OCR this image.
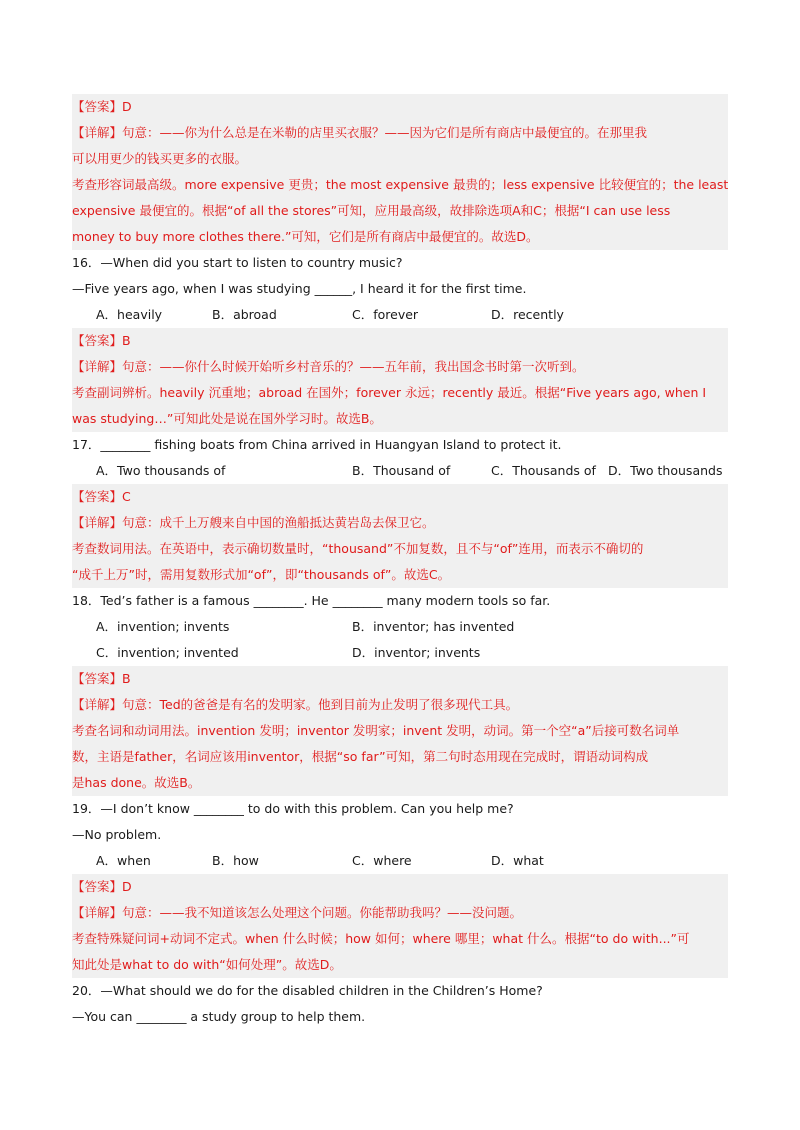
【答案】D
【详解】句意：——你为什么总是在米勒的店里买衣服？——因为它们是所有商店中最便宜的。在那里我
可以用更少的钱买更多的衣服。
考查形容词最高级。more expensive 更贵；the most expensive 最贵的；less expensive 比较便宜的；the least
expensive 最便宜的。根据“of all the stores”可知，应用最高级，故排除选项A和C；根据“I can use less
money to buy more clothes there.”可知，它们是所有商店中最便宜的。故选D。
16．—When did you start to listen to country music?
—Five years ago, when I was studying ______, I heard it for the first time.
A．heavily	B．abroad	C．forever	D．recently
【答案】B
【详解】句意：——你什么时候开始听乡村音乐的？——五年前，我出国念书时第一次听到。
考查副词辨析。heavily 沉重地；abroad 在国外；forever 永远；recently 最近。根据“Five years ago, when I
was studying…”可知此处是说在国外学习时。故选B。
17．________ fishing boats from China arrived in Huangyan Island to protect it.
A．Two thousands of	B．Thousand of	C．Thousands of D．Two thousands
【答案】C
【详解】句意：成千上万艘来自中国的渔船抵达黄岩岛去保卫它。
考查数词用法。在英语中，表示确切数量时，“thousand”不加复数，且不与“of”连用，而表示不确切的
“成千上万”时，需用复数形式加“of”，即“thousands of”。故选C。
18．Ted’s father is a famous ________. He ________ many modern tools so far.
A．invention; invents	B．inventor; has invented
C．invention; invented	D．inventor; invents
【答案】B
【详解】句意：Ted的爸爸是有名的发明家。他到目前为止发明了很多现代工具。
考查名词和动词用法。invention 发明；inventor 发明家；invent 发明，动词。第一个空“a”后接可数名词单
数，主语是father，名词应该用inventor，根据“so far”可知，第二句时态用现在完成时，谓语动词构成
是has done。故选B。
19．—I don’t know ________ to do with this problem. Can you help me?
—No problem.
A．when	B．how	C．where	D．what
【答案】D
【详解】句意：——我不知道该怎么处理这个问题。你能帮助我吗？——没问题。
考查特殊疑问词+动词不定式。when 什么时候；how 如何；where 哪里；what 什么。根据“to do with...”可
知此处是what to do with“如何处理”。故选D。
20．—What should we do for the disabled children in the Children’s Home?
—You can ________ a study group to help them.
